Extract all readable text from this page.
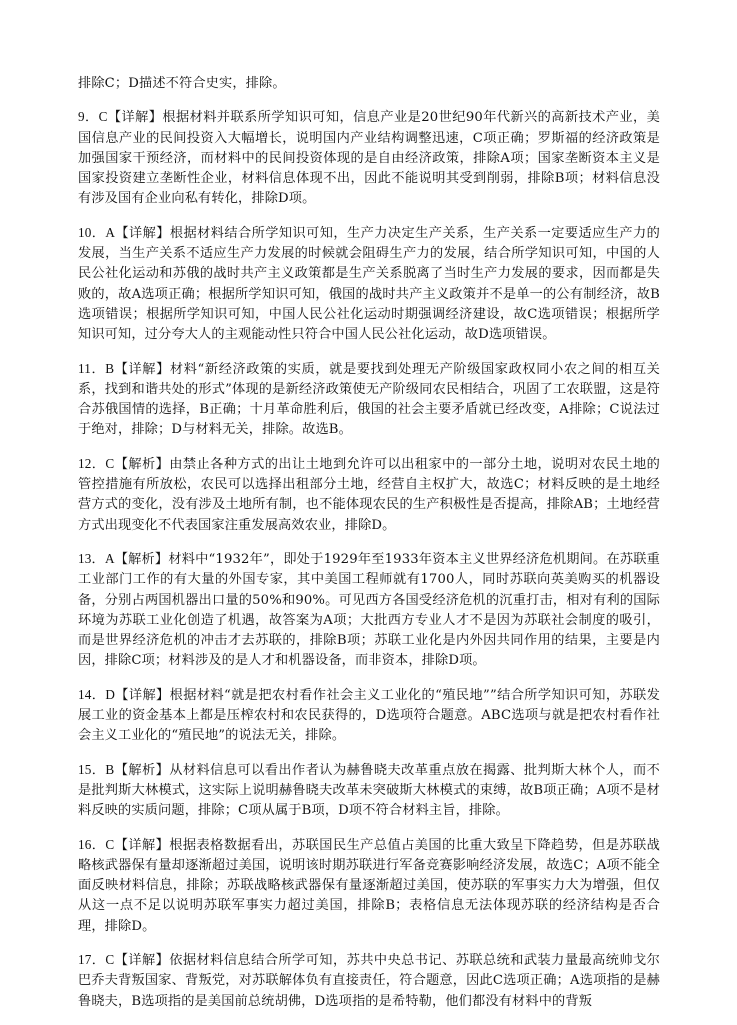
排除C；D描述不符合史实，排除。

9．C【详解】根据材料并联系所学知识可知，信息产业是20世纪90年代新兴的高新技术产业，美国信息产业的民间投资入大幅增长，说明国内产业结构调整迅速，C项正确；罗斯福的经济政策是加强国家干预经济，而材料中的民间投资体现的是自由经济政策，排除A项；国家垄断资本主义是国家投资建立垄断性企业，材料信息体现不出，因此不能说明其受到削弱，排除B项；材料信息没有涉及国有企业向私有转化，排除D项。

10．A【详解】根据材料结合所学知识可知，生产力决定生产关系，生产关系一定要适应生产力的发展，当生产关系不适应生产力发展的时候就会阻碍生产力的发展，结合所学知识可知，中国的人民公社化运动和苏俄的战时共产主义政策都是生产关系脱离了当时生产力发展的要求，因而都是失败的，故A选项正确；根据所学知识可知，俄国的战时共产主义政策并不是单一的公有制经济，故B选项错误；根据所学知识可知，中国人民公社化运动时期强调经济建设，故C选项错误；根据所学知识可知，过分夸大人的主观能动性只符合中国人民公社化运动，故D选项错误。

11．B【详解】材料“新经济政策的实质，就是要找到处理无产阶级国家政权同小农之间的相互关系，找到和谐共处的形式”体现的是新经济政策使无产阶级同农民相结合，巩固了工农联盟，这是符合苏俄国情的选择，B正确；十月革命胜利后，俄国的社会主要矛盾就已经改变，A排除；C说法过于绝对，排除；D与材料无关，排除。故选B。

12．C【解析】由禁止各种方式的出让土地到允许可以出租家中的一部分土地，说明对农民土地的管控措施有所放松，农民可以选择出租部分土地，经营自主权扩大，故选C；材料反映的是土地经营方式的变化，没有涉及土地所有制，也不能体现农民的生产积极性是否提高，排除AB；土地经营方式出现变化不代表国家注重发展高效农业，排除D。

13．A【解析】材料中“1932年”，即处于1929年至1933年资本主义世界经济危机期间。在苏联重工业部门工作的有大量的外国专家，其中美国工程师就有1700人，同时苏联向英美购买的机器设备，分别占两国机器出口量的50%和90%。可见西方各国受经济危机的沉重打击，相对有利的国际环境为苏联工业化创造了机遇，故答案为A项；大批西方专业人才不是因为苏联社会制度的吸引，而是世界经济危机的冲击才去苏联的，排除B项；苏联工业化是内外因共同作用的结果，主要是内因，排除C项；材料涉及的是人才和机器设备，而非资本，排除D项。

14．D【详解】根据材料“就是把农村看作社会主义工业化的“殖民地””结合所学知识可知，苏联发展工业的资金基本上都是压榨农村和农民获得的，D选项符合题意。ABC选项与就是把农村看作社会主义工业化的“殖民地”的说法无关，排除。

15．B【解析】从材料信息可以看出作者认为赫鲁晓夫改革重点放在揭露、批判斯大林个人，而不是批判斯大林模式，这实际上说明赫鲁晓夫改革未突破斯大林模式的束缚，故B项正确；A项不是材料反映的实质问题，排除；C项从属于B项，D项不符合材料主旨，排除。

16．C【详解】根据表格数据看出，苏联国民生产总值占美国的比重大致呈下降趋势，但是苏联战略核武器保有量却逐渐超过美国，说明该时期苏联进行军备竞赛影响经济发展，故选C；A项不能全面反映材料信息，排除；苏联战略核武器保有量逐渐超过美国，使苏联的军事实力大为增强，但仅从这一点不足以说明苏联军事实力超过美国，排除B；表格信息无法体现苏联的经济结构是否合理，排除D。

17．C【详解】依据材料信息结合所学可知，苏共中央总书记、苏联总统和武装力量最高统帅戈尔巴乔夫背叛国家、背叛党，对苏联解体负有直接责任，符合题意，因此C选项正确；A选项指的是赫鲁晓夫，B选项指的是美国前总统胡佛，D选项指的是希特勒，他们都没有材料中的背叛
